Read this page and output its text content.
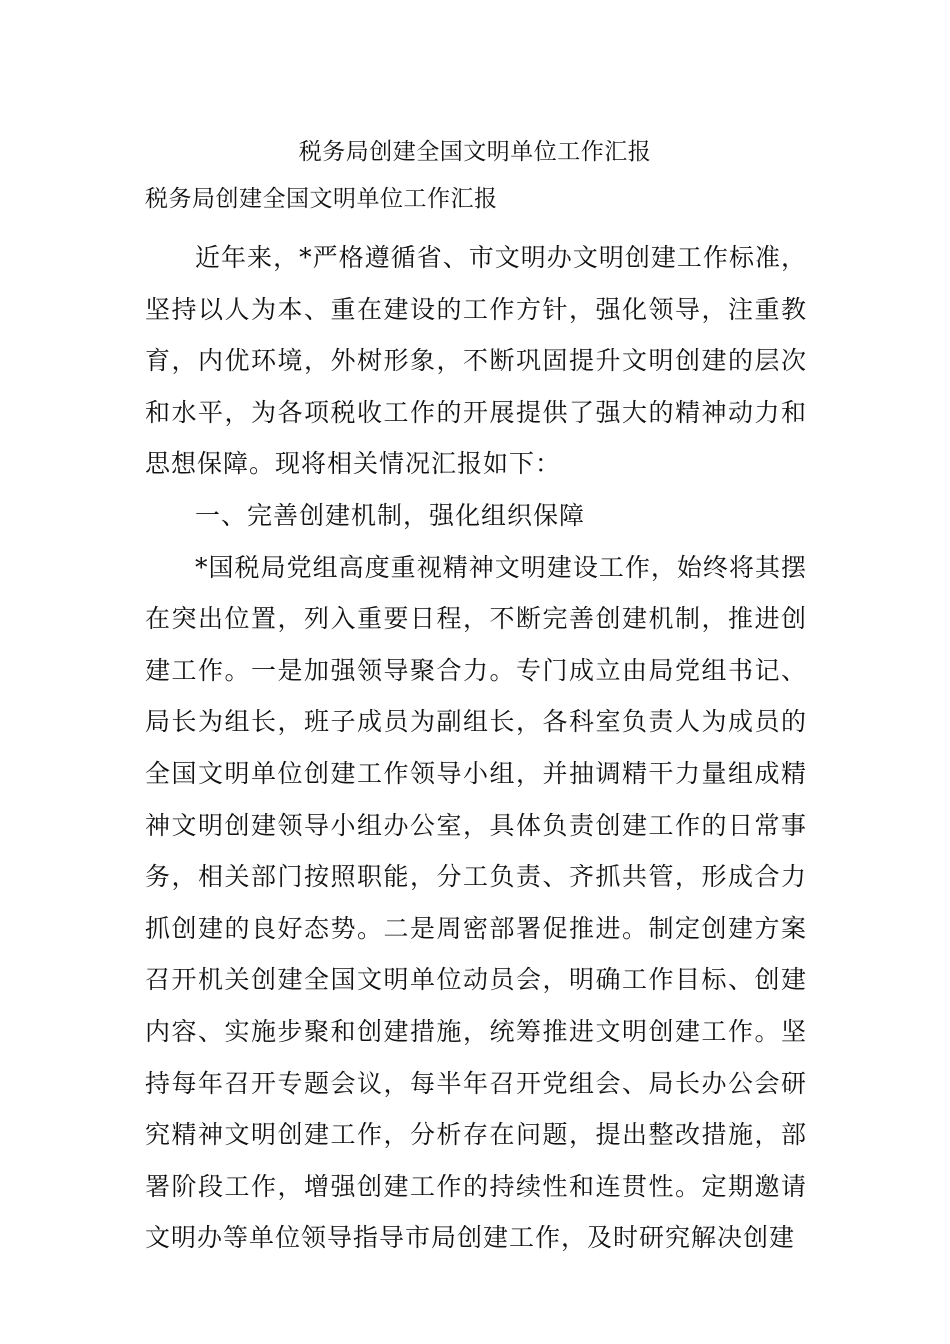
税务局创建全国文明单位工作汇报
税务局创建全国文明单位工作汇报

近年来，*严格遵循省、市文明办文明创建工作标准，坚持以人为本、重在建设的工作方针，强化领导，注重教育，内优环境，外树形象，不断巩固提升文明创建的层次和水平，为各项税收工作的开展提供了强大的精神动力和思想保障。现将相关情况汇报如下：

一、完善创建机制，强化组织保障

*国税局党组高度重视精神文明建设工作，始终将其摆在突出位置，列入重要日程，不断完善创建机制，推进创建工作。一是加强领导聚合力。专门成立由局党组书记、局长为组长，班子成员为副组长，各科室负责人为成员的全国文明单位创建工作领导小组，并抽调精干力量组成精神文明创建领导小组办公室，具体负责创建工作的日常事务，相关部门按照职能，分工负责、齐抓共管，形成合力抓创建的良好态势。二是周密部署促推进。制定创建方案召开机关创建全国文明单位动员会，明确工作目标、创建内容、实施步聚和创建措施，统筹推进文明创建工作。坚持每年召开专题会议，每半年召开党组会、局长办公会研究精神文明创建工作，分析存在问题，提出整改措施，部署阶段工作，增强创建工作的持续性和连贯性。定期邀请文明办等单位领导指导市局创建工作，及时研究解决创建
